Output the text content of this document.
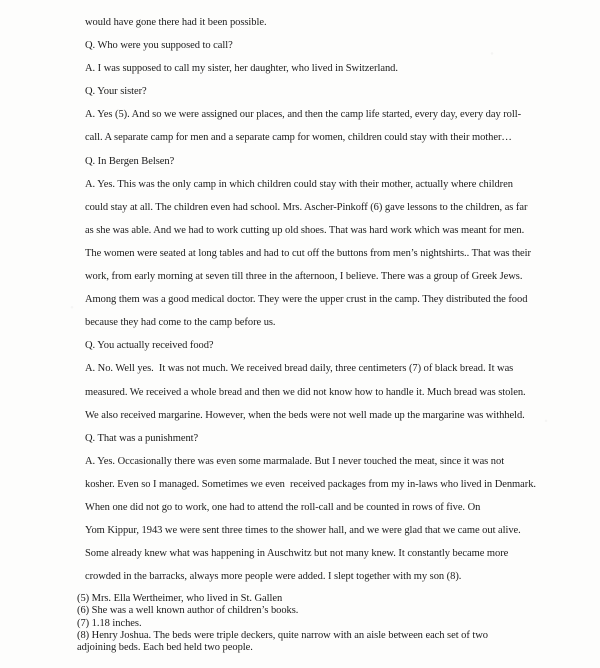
would have gone there had it been possible.

Q. Who were you supposed to call?

A. I was supposed to call my sister, her daughter, who lived in Switzerland.

Q. Your sister?

A. Yes (5). And so we were assigned our places, and then the camp life started, every day, every day roll-

call. A separate camp for men and a separate camp for women, children could stay with their mother…

Q. In Bergen Belsen?

A. Yes. This was the only camp in which children could stay with their mother, actually where children

could stay at all. The children even had school. Mrs. Ascher-Pinkoff (6) gave lessons to the children, as far

as she was able. And we had to work cutting up old shoes. That was hard work which was meant for men.

The women were seated at long tables and had to cut off the buttons from men’s nightshirts.. That was their

work, from early morning at seven till three in the afternoon, I believe. There was a group of Greek Jews.

Among them was a good medical doctor. They were the upper crust in the camp. They distributed the food

because they had come to the camp before us.

Q. You actually received food?

A. No. Well yes.  It was not much. We received bread daily, three centimeters (7) of black bread. It was

measured. We received a whole bread and then we did not know how to handle it. Much bread was stolen.

We also received margarine. However, when the beds were not well made up the margarine was withheld.

Q. That was a punishment?

A. Yes. Occasionally there was even some marmalade. But I never touched the meat, since it was not

kosher. Even so I managed. Sometimes we even  received packages from my in-laws who lived in Denmark.

When one did not go to work, one had to attend the roll-call and be counted in rows of five. On

Yom Kippur, 1943 we were sent three times to the shower hall, and we were glad that we came out alive.

Some already knew what was happening in Auschwitz but not many knew. It constantly became more

crowded in the barracks, always more people were added. I slept together with my son (8).

(5) Mrs. Ella Wertheimer, who lived in St. Gallen

(6) She was a well known author of children’s books.

(7) 1.18 inches.

(8) Henry Joshua. The beds were triple deckers, quite narrow with an aisle between each set of two

adjoining beds. Each bed held two people.
